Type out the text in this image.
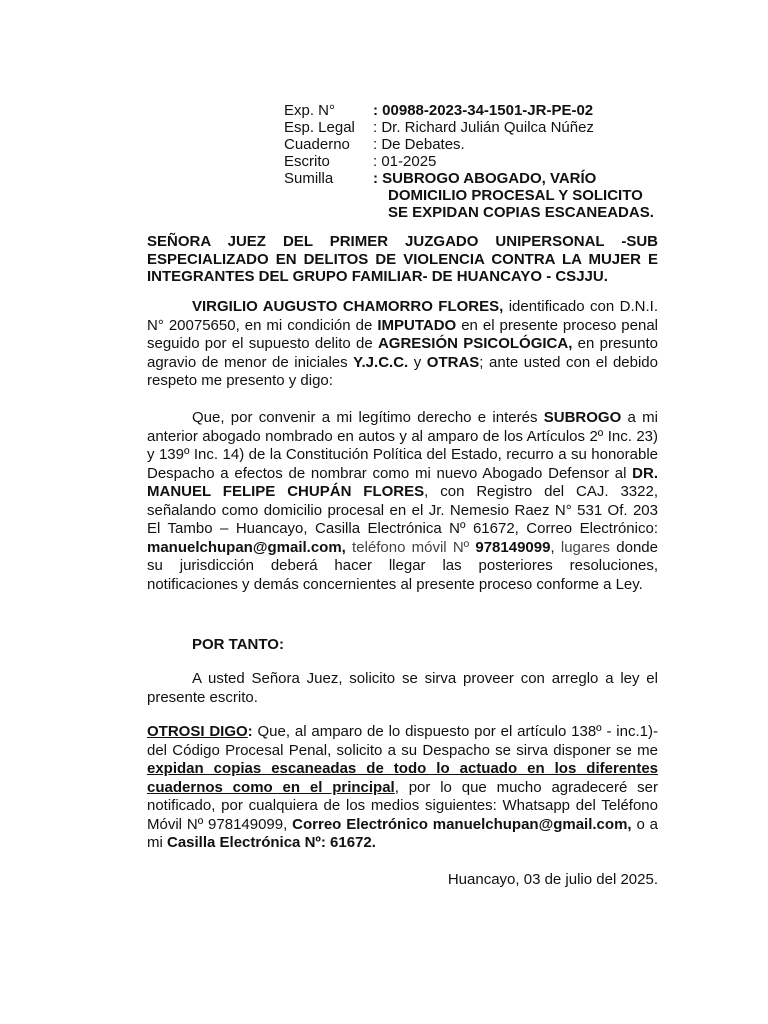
Exp. N°	: 00988-2023-34-1501-JR-PE-02
Esp. Legal	: Dr. Richard Julián Quilca Núñez
Cuaderno	: De Debates.
Escrito	: 01-2025
Sumilla	: SUBROGO ABOGADO, VARÍO
DOMICILIO PROCESAL Y SOLICITO
SE EXPIDAN COPIAS ESCANEADAS.
SEÑORA JUEZ DEL PRIMER JUZGADO UNIPERSONAL -SUB ESPECIALIZADO EN DELITOS DE VIOLENCIA CONTRA LA MUJER E INTEGRANTES DEL GRUPO FAMILIAR- DE HUANCAYO - CSJJU.
VIRGILIO AUGUSTO CHAMORRO FLORES, identificado con D.N.I. N° 20075650, en mi condición de IMPUTADO en el presente proceso penal seguido por el supuesto delito de AGRESIÓN PSICOLÓGICA, en presunto agravio de menor de iniciales Y.J.C.C. y OTRAS; ante usted con el debido respeto me presento y digo:
Que, por convenir a mi legítimo derecho e interés SUBROGO a mi anterior abogado nombrado en autos y al amparo de los Artículos 2º Inc. 23) y 139º Inc. 14) de la Constitución Política del Estado, recurro a su honorable Despacho a efectos de nombrar como mi nuevo Abogado Defensor al DR. MANUEL FELIPE CHUPÁN FLORES, con Registro del CAJ. 3322, señalando como domicilio procesal en el Jr. Nemesio Raez N° 531 Of. 203 El Tambo – Huancayo, Casilla Electrónica Nº 61672, Correo Electrónico: manuelchupan@gmail.com, teléfono móvil Nº 978149099, lugares donde su jurisdicción deberá hacer llegar las posteriores resoluciones, notificaciones y demás concernientes al presente proceso conforme a Ley.
POR TANTO:
A usted Señora Juez, solicito se sirva proveer con arreglo a ley el presente escrito.
OTROSI DIGO: Que, al amparo de lo dispuesto por el artículo 138º - inc.1)- del Código Procesal Penal, solicito a su Despacho se sirva disponer se me expidan copias escaneadas de todo lo actuado en los diferentes cuadernos como en el principal, por lo que mucho agradeceré ser notificado, por cualquiera de los medios siguientes: Whatsapp del Teléfono Móvil Nº 978149099, Correo Electrónico manuelchupan@gmail.com, o a mi Casilla Electrónica Nº: 61672.
Huancayo, 03 de julio del 2025.
